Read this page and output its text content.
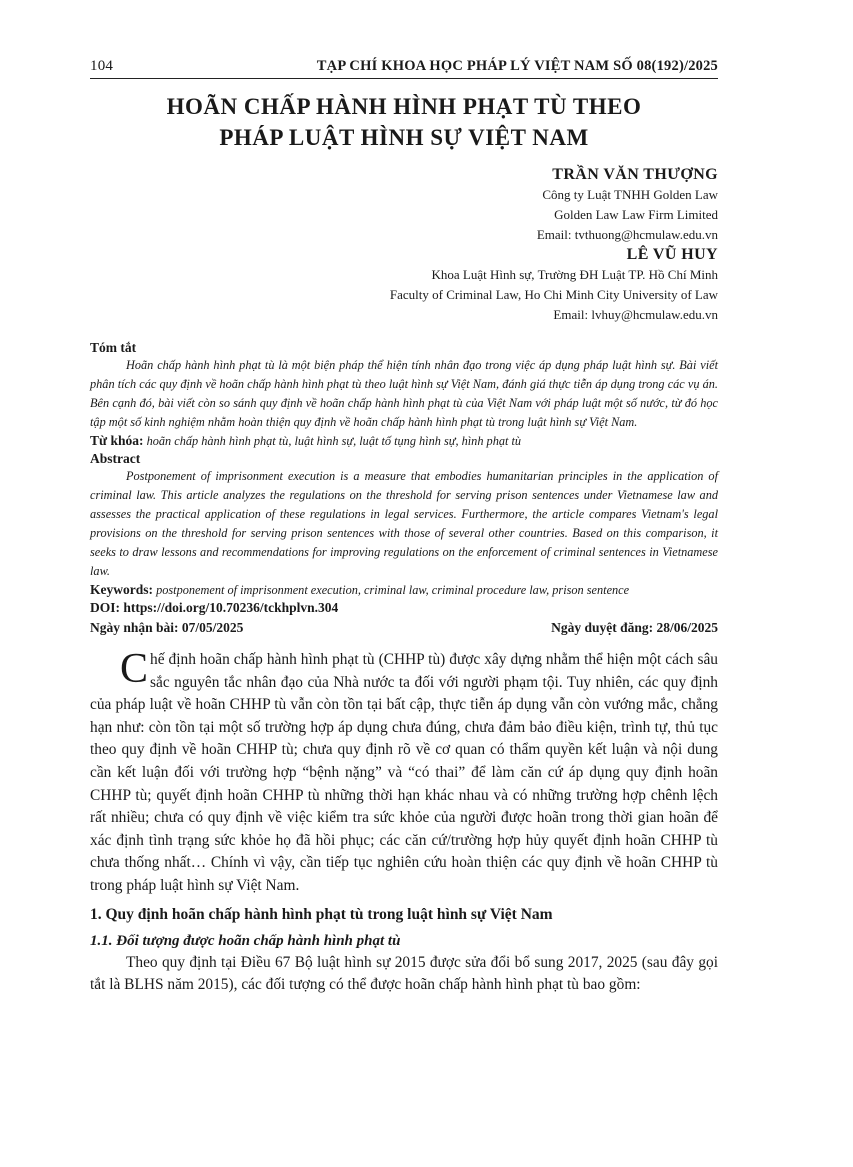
104	TẠP CHÍ KHOA HỌC PHÁP LÝ VIỆT NAM SỐ 08(192)/2025
HOÃN CHẤP HÀNH HÌNH PHẠT TÙ THEO
PHÁP LUẬT HÌNH SỰ VIỆT NAM
TRẦN VĂN THƯỢNG
Công ty Luật TNHH Golden Law
Golden Law Law Firm Limited
Email: tvthuong@hcmulaw.edu.vn
LÊ VŨ HUY
Khoa Luật Hình sự, Trường ĐH Luật TP. Hồ Chí Minh
Faculty of Criminal Law, Ho Chi Minh City University of Law
Email: lvhuy@hcmulaw.edu.vn
Tóm tắt

Hoãn chấp hành hình phạt tù là một biện pháp thể hiện tính nhân đạo trong việc áp dụng pháp luật hình sự. Bài viết phân tích các quy định về hoãn chấp hành hình phạt tù theo luật hình sự Việt Nam, đánh giá thực tiễn áp dụng trong các vụ án. Bên cạnh đó, bài viết còn so sánh quy định về hoãn chấp hành hình phạt tù của Việt Nam với pháp luật một số nước, từ đó học tập một số kinh nghiệm nhằm hoàn thiện quy định về hoãn chấp hành hình phạt tù trong luật hình sự Việt Nam.

Từ khóa: hoãn chấp hành hình phạt tù, luật hình sự, luật tố tụng hình sự, hình phạt tù
Abstract

Postponement of imprisonment execution is a measure that embodies humanitarian principles in the application of criminal law. This article analyzes the regulations on the threshold for serving prison sentences under Vietnamese law and assesses the practical application of these regulations in legal services. Furthermore, the article compares Vietnam's legal provisions on the threshold for serving prison sentences with those of several other countries. Based on this comparison, it seeks to draw lessons and recommendations for improving regulations on the enforcement of criminal sentences in Vietnamese law.

Keywords: postponement of imprisonment execution, criminal law, criminal procedure law, prison sentence
DOI: https://doi.org/10.70236/tckhplvn.304
Ngày nhận bài: 07/05/2025	Ngày duyệt đăng: 28/06/2025

Chế định hoãn chấp hành hình phạt tù (CHHP tù) được xây dựng nhằm thể hiện một cách sâu sắc nguyên tắc nhân đạo của Nhà nước ta đối với người phạm tội. Tuy nhiên, các quy định của pháp luật về hoãn CHHP tù vẫn còn tồn tại bất cập, thực tiễn áp dụng vẫn còn vướng mắc, chẳng hạn như: còn tồn tại một số trường hợp áp dụng chưa đúng, chưa đảm bảo điều kiện, trình tự, thủ tục theo quy định về hoãn CHHP tù; chưa quy định rõ về cơ quan có thẩm quyền kết luận và nội dung cần kết luận đối với trường hợp “bệnh nặng” và “có thai” để làm căn cứ áp dụng quy định hoãn CHHP tù; quyết định hoãn CHHP tù những thời hạn khác nhau và có những trường hợp chênh lệch rất nhiều; chưa có quy định về việc kiểm tra sức khỏe của người được hoãn trong thời gian hoãn để xác định tình trạng sức khỏe họ đã hồi phục; các căn cứ/trường hợp hủy quyết định hoãn CHHP tù chưa thống nhất… Chính vì vậy, cần tiếp tục nghiên cứu hoàn thiện các quy định về hoãn CHHP tù trong pháp luật hình sự Việt Nam.

1. Quy định hoãn chấp hành hình phạt tù trong luật hình sự Việt Nam
1.1. Đối tượng được hoãn chấp hành hình phạt tù

Theo quy định tại Điều 67 Bộ luật hình sự 2015 được sửa đổi bổ sung 2017, 2025 (sau đây gọi tắt là BLHS năm 2015), các đối tượng có thể được hoãn chấp hành hình phạt tù bao gồm:
